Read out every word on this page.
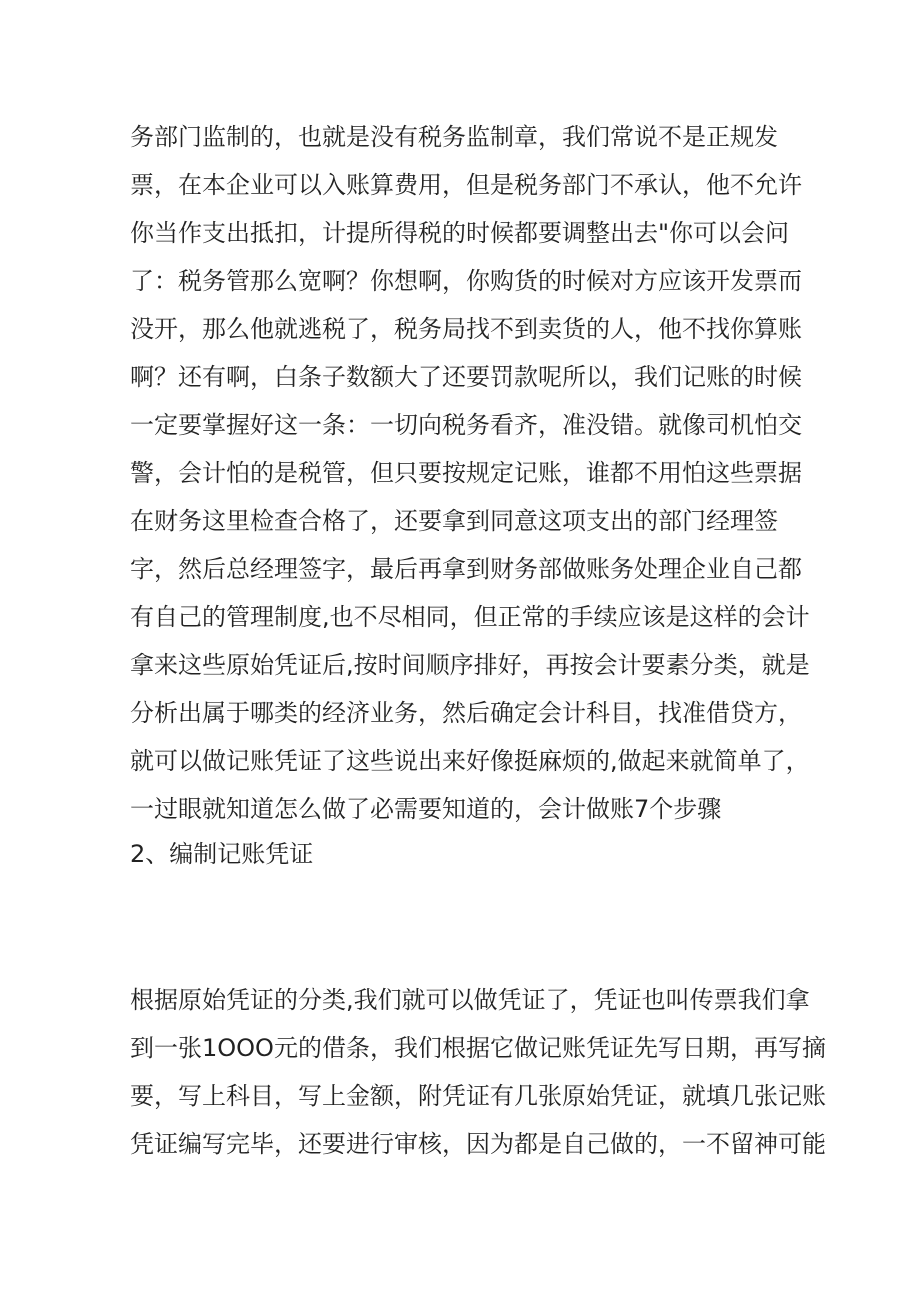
务部门监制的，也就是没有税务监制章，我们常说不是正规发
票，在本企业可以入账算费用，但是税务部门不承认，他不允许
你当作支出抵扣，计提所得税的时候都要调整出去"你可以会问
了：税务管那么宽啊？你想啊，你购货的时候对方应该开发票而
没开，那么他就逃税了，税务局找不到卖货的人，他不找你算账
啊？还有啊，白条子数额大了还要罚款呢所以，我们记账的时候
一定要掌握好这一条：一切向税务看齐，准没错。就像司机怕交
警，会计怕的是税管，但只要按规定记账，谁都不用怕这些票据
在财务这里检查合格了，还要拿到同意这项支出的部门经理签
字，然后总经理签字，最后再拿到财务部做账务处理企业自己都
有自己的管理制度,也不尽相同，但正常的手续应该是这样的会计
拿来这些原始凭证后,按时间顺序排好，再按会计要素分类，就是
分析出属于哪类的经济业务，然后确定会计科目，找准借贷方，
就可以做记账凭证了这些说出来好像挺麻烦的,做起来就简单了，
一过眼就知道怎么做了必需要知道的，会计做账7个步骤
2、编制记账凭证
根据原始凭证的分类,我们就可以做凭证了，凭证也叫传票我们拿
到一张1OOO元的借条，我们根据它做记账凭证先写日期，再写摘
要，写上科目，写上金额，附凭证有几张原始凭证，就填几张记账
凭证编写完毕，还要进行审核，因为都是自己做的，一不留神可能
